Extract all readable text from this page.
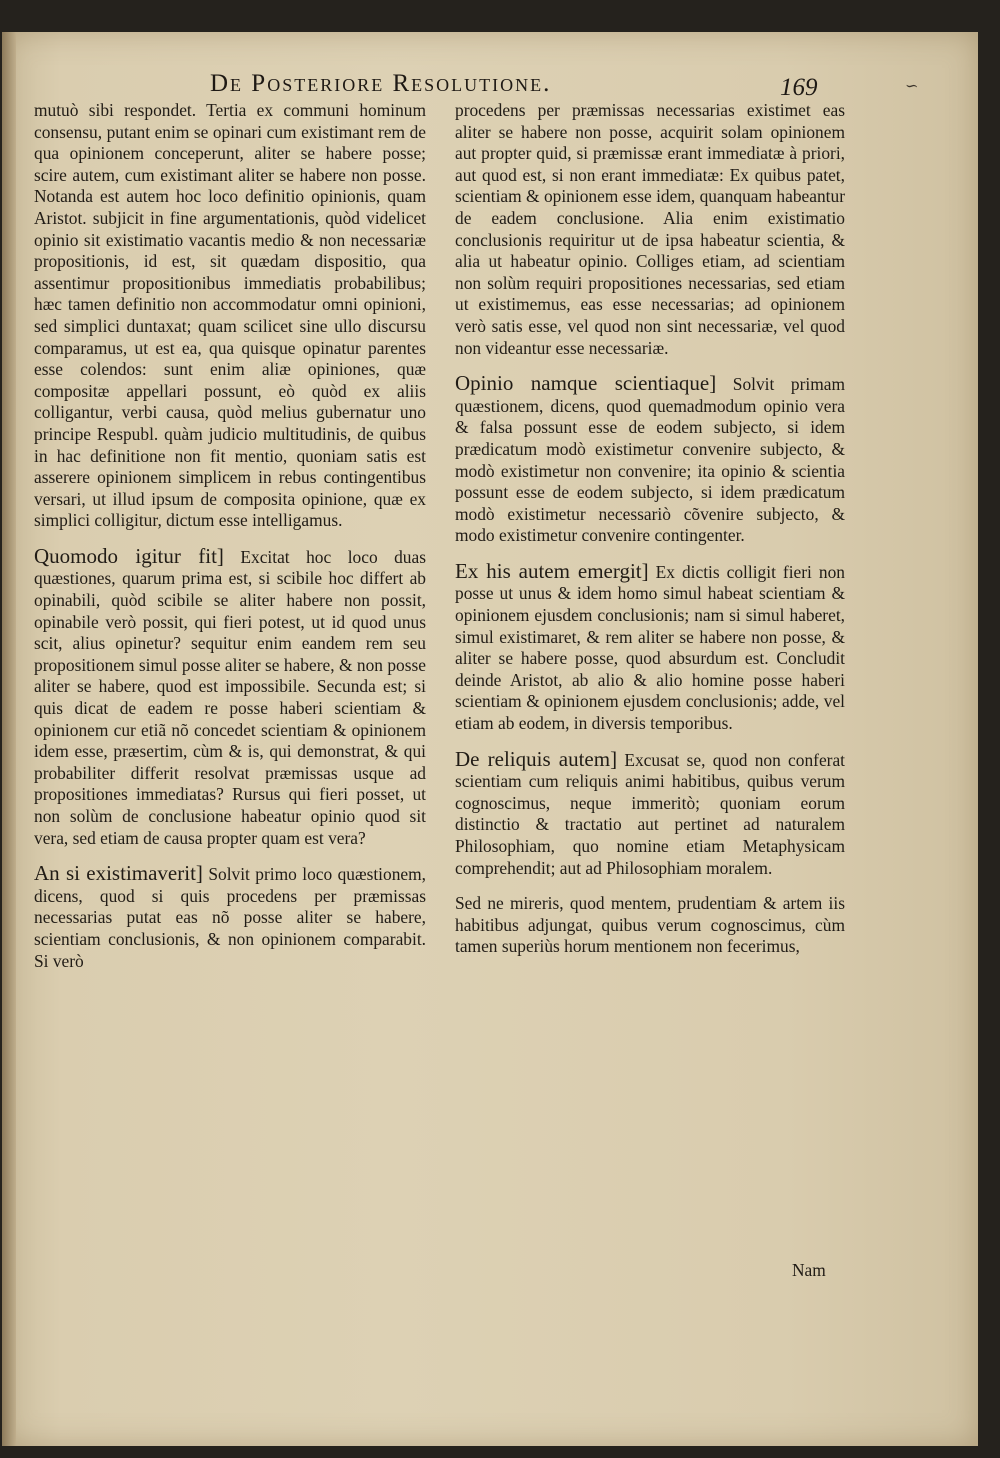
De Posteriore Resolutione.	169	∽

mutuò sibi respondet. Tertia ex communi hominum consensu, putant enim se opinari cum existimant rem de qua opinionem conceperunt, aliter se habere posse; scire autem, cum existimant aliter se habere non posse. Notanda est autem hoc loco definitio opinionis, quam Aristot. subjicit in fine argumentationis, quòd videlicet opinio sit existimatio vacantis medio & non necessariæ propositionis, id est, sit quædam dispositio, qua assentimur propositionibus immediatis probabilibus; hæc tamen definitio non accommodatur omni opinioni, sed simplici duntaxat; quam scilicet sine ullo discursu comparamus, ut est ea, qua quisque opinatur parentes esse colendos: sunt enim aliæ opiniones, quæ compositæ appellari possunt, eò quòd ex aliis colligantur, verbi causa, quòd melius gubernatur uno principe Respubl. quàm judicio multitudinis, de quibus in hac definitione non fit mentio, quoniam satis est asserere opinionem simplicem in rebus contingentibus versari, ut illud ipsum de composita opinione, quæ ex simplici colligitur, dictum esse intelligamus.

Quomodo igitur fit] Excitat hoc loco duas quæstiones, quarum prima est, si scibile hoc differt ab opinabili, quòd scibile se aliter habere non possit, opinabile verò possit, qui fieri potest, ut id quod unus scit, alius opinetur? sequitur enim eandem rem seu propositionem simul posse aliter se habere, & non posse aliter se habere, quod est impossibile. Secunda est; si quis dicat de eadem re posse haberi scientiam & opinionem cur etiã nõ concedet scientiam & opinionem idem esse, præsertim, cùm & is, qui demonstrat, & qui probabiliter differit resolvat præmissas usque ad propositiones immediatas? Rursus qui fieri posset, ut non solùm de conclusione habeatur opinio quod sit vera, sed etiam de causa propter quam est vera?

An si existimaverit] Solvit primo loco quæstionem, dicens, quod si quis procedens per præmissas necessarias putat eas nõ posse aliter se habere, scientiam conclusionis, & non opinionem comparabit. Si verò

procedens per præmissas necessarias existimet eas aliter se habere non posse, acquirit solam opinionem aut propter quid, si præmissæ erant immediatæ à priori, aut quod est, si non erant immediatæ: Ex quibus patet, scientiam & opinionem esse idem, quanquam habeantur de eadem conclusione. Alia enim existimatio conclusionis requiritur ut de ipsa habeatur scientia, & alia ut habeatur opinio. Colliges etiam, ad scientiam non solùm requiri propositiones necessarias, sed etiam ut existimemus, eas esse necessarias; ad opinionem verò satis esse, vel quod non sint necessariæ, vel quod non videantur esse necessariæ.

Opinio namque scientiaque] Solvit primam quæstionem, dicens, quod quemadmodum opinio vera & falsa possunt esse de eodem subjecto, si idem prædicatum modò existimetur convenire subjecto, & modò existimetur non convenire; ita opinio & scientia possunt esse de eodem subjecto, si idem prædicatum modò existimetur necessariò cõvenire subjecto, & modo existimetur convenire contingenter.

Ex his autem emergit] Ex dictis colligit fieri non posse ut unus & idem homo simul habeat scientiam & opinionem ejusdem conclusionis; nam si simul haberet, simul existimaret, & rem aliter se habere non posse, & aliter se habere posse, quod absurdum est. Concludit deinde Aristot, ab alio & alio homine posse haberi scientiam & opinionem ejusdem conclusionis; adde, vel etiam ab eodem, in diversis temporibus.

De reliquis autem] Excusat se, quod non conferat scientiam cum reliquis animi habitibus, quibus verum cognoscimus, neque immeritò; quoniam eorum distinctio & tractatio aut pertinet ad naturalem Philosophiam, quo nomine etiam Metaphysicam comprehendit; aut ad Philosophiam moralem.

Sed ne mireris, quod mentem, prudentiam & artem iis habitibus adjungat, quibus verum cognoscimus, cùm tamen superiùs horum mentionem non fecerimus,

Nam
